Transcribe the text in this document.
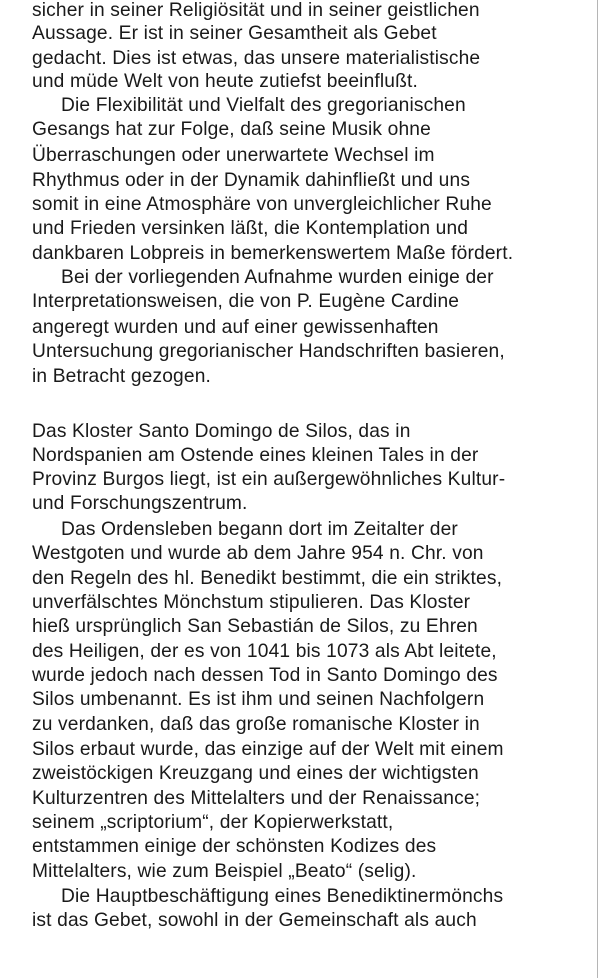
sicher in seiner Religiösität und in seiner geistlichen
Aussage. Er ist in seiner Gesamtheit als Gebet
gedacht. Dies ist etwas, das unsere materialistische
und müde Welt von heute zutiefst beeinflußt.
Die Flexibilität und Vielfalt des gregorianischen
Gesangs hat zur Folge, daß seine Musik ohne
Überraschungen oder unerwartete Wechsel im
Rhythmus oder in der Dynamik dahinfließt und uns
somit in eine Atmosphäre von unvergleichlicher Ruhe
und Frieden versinken läßt, die Kontemplation und
dankbaren Lobpreis in bemerkenswertem Maße fördert.
Bei der vorliegenden Aufnahme wurden einige der
Interpretationsweisen, die von P. Eugène Cardine
angeregt wurden und auf einer gewissenhaften
Untersuchung gregorianischer Handschriften basieren,
in Betracht gezogen.
Das Kloster Santo Domingo de Silos, das in
Nordspanien am Ostende eines kleinen Tales in der
Provinz Burgos liegt, ist ein außergewöhnliches Kultur-
und Forschungszentrum.
Das Ordensleben begann dort im Zeitalter der
Westgoten und wurde ab dem Jahre 954 n. Chr. von
den Regeln des hl. Benedikt bestimmt, die ein striktes,
unverfälschtes Mönchstum stipulieren. Das Kloster
hieß ursprünglich San Sebastián de Silos, zu Ehren
des Heiligen, der es von 1041 bis 1073 als Abt leitete,
wurde jedoch nach dessen Tod in Santo Domingo des
Silos umbenannt. Es ist ihm und seinen Nachfolgern
zu verdanken, daß das große romanische Kloster in
Silos erbaut wurde, das einzige auf der Welt mit einem
zweistöckigen Kreuzgang und eines der wichtigsten
Kulturzentren des Mittelalters und der Renaissance;
seinem „scriptorium“, der Kopierwerkstatt,
entstammen einige der schönsten Kodizes des
Mittelalters, wie zum Beispiel „Beato“ (selig).
Die Hauptbeschäftigung eines Benediktinermönchs
ist das Gebet, sowohl in der Gemeinschaft als auch
